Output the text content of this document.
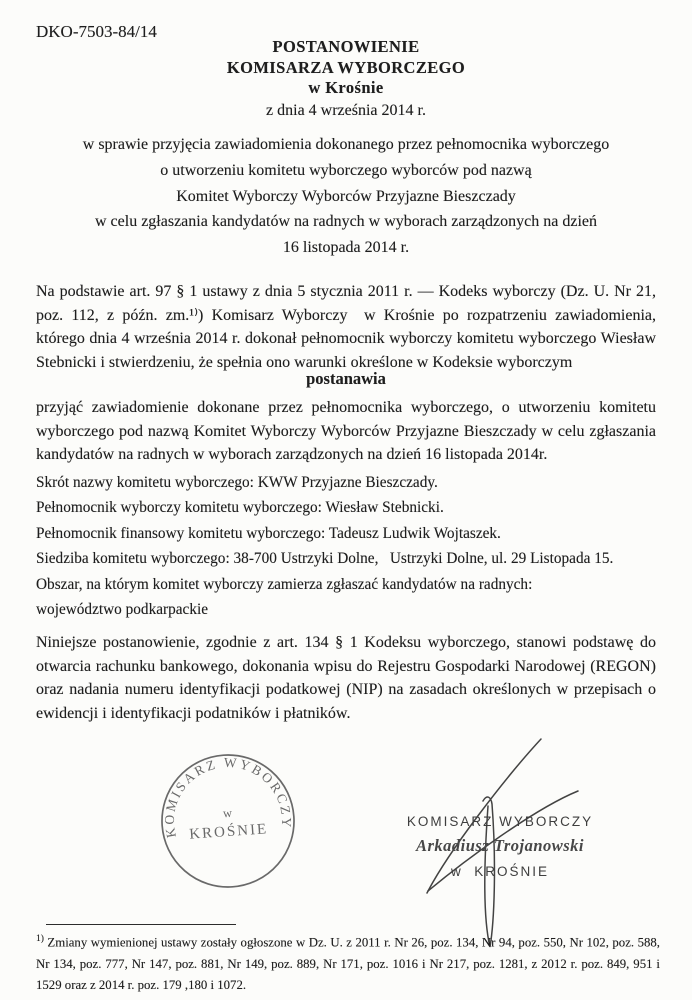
DKO-7503-84/14
POSTANOWIENIE
KOMISARZA WYBORCZEGO
w Krośnie
z dnia 4 września 2014 r.
w sprawie przyjęcia zawiadomienia dokonanego przez pełnomocnika wyborczego
o utworzeniu komitetu wyborczego wyborców pod nazwą
Komitet Wyborczy Wyborców Przyjazne Bieszczady
w celu zgłaszania kandydatów na radnych w wyborach zarządzonych na dzień
16 listopada 2014 r.
Na podstawie art. 97 § 1 ustawy z dnia 5 stycznia 2011 r. — Kodeks wyborczy (Dz. U. Nr 21, poz. 112, z późn. zm.¹⁾) Komisarz Wyborczy  w Krośnie po rozpatrzeniu zawiadomienia, którego dnia 4 września 2014 r. dokonał pełnomocnik wyborczy komitetu wyborczego Wiesław Stebnicki i stwierdzeniu, że spełnia ono warunki określone w Kodeksie wyborczym
postanawia
przyjąć zawiadomienie dokonane przez pełnomocnika wyborczego, o utworzeniu komitetu wyborczego pod nazwą Komitet Wyborczy Wyborców Przyjazne Bieszczady w celu zgłaszania kandydatów na radnych w wyborach zarządzonych na dzień 16 listopada 2014r.
Skrót nazwy komitetu wyborczego: KWW Przyjazne Bieszczady.
Pełnomocnik wyborczy komitetu wyborczego: Wiesław Stebnicki.
Pełnomocnik finansowy komitetu wyborczego: Tadeusz Ludwik Wojtaszek.
Siedziba komitetu wyborczego: 38-700 Ustrzyki Dolne,   Ustrzyki Dolne, ul. 29 Listopada 15.
Obszar, na którym komitet wyborczy zamierza zgłaszać kandydatów na radnych:
województwo podkarpackie
Niniejsze postanowienie, zgodnie z art. 134 § 1 Kodeksu wyborczego, stanowi podstawę do otwarcia rachunku bankowego, dokonania wpisu do Rejestru Gospodarki Narodowej (REGON) oraz nadania numeru identyfikacji podatkowej (NIP) na zasadach określonych w przepisach o ewidencji i identyfikacji podatników i płatników.
KOMISARZ WYBORCZY
w
KROŚNIE

	KOMISARZ WYBORCZY

w  KROŚNIE

Arkadiusz Trojanowski
$^{1)}$ Zmiany wymienionej ustawy zostały ogłoszone w Dz. U. z 2011 r. Nr 26, poz. 134, Nr 94, poz. 550, Nr 102, poz. 588, Nr 134, poz. 777, Nr 147, poz. 881, Nr 149, poz. 889, Nr 171, poz. 1016 i Nr 217, poz. 1281, z 2012 r. poz. 849, 951 i 1529 oraz z 2014 r. poz. 179 ,180 i 1072.
